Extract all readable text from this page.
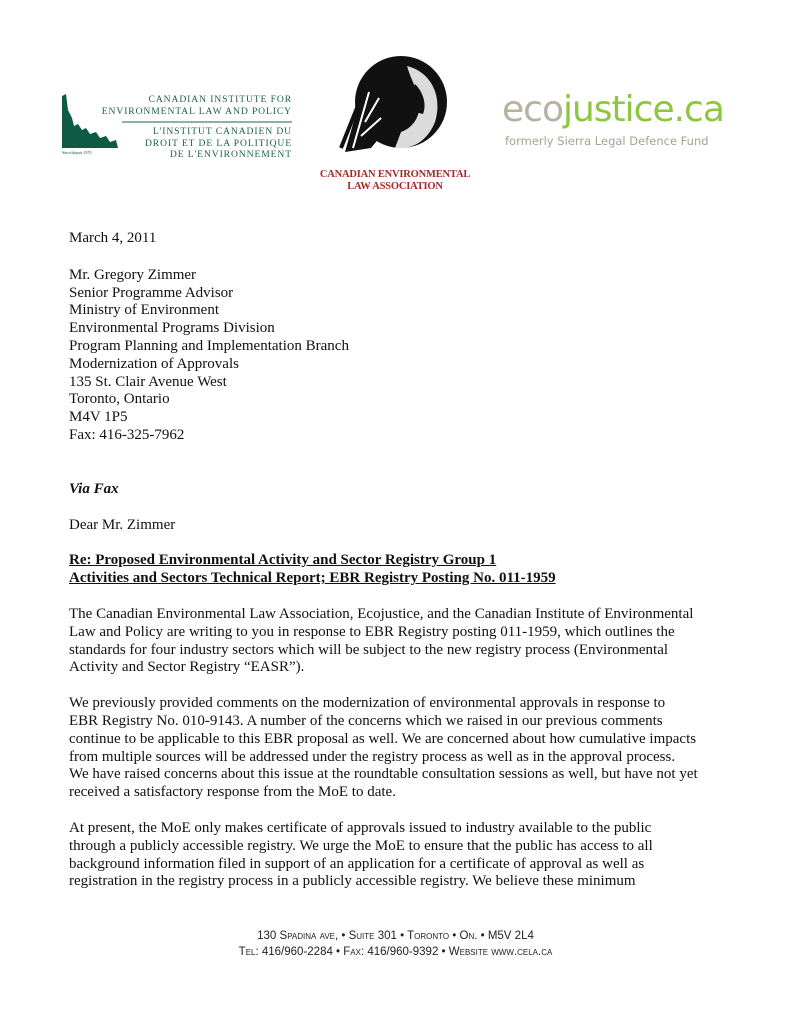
Since/depuis 1970
CANADIAN INSTITUTE FOR
ENVIRONMENTAL LAW AND POLICY
L'INSTITUT CANADIEN DU
DROIT ET DE LA POLITIQUE
DE L'ENVIRONNEMENT
CANADIAN ENVIRONMENTAL
LAW ASSOCIATION
ecojustice.ca
formerly Sierra Legal Defence Fund
March 4, 2011
Mr. Gregory Zimmer
Senior Programme Advisor
Ministry of Environment
Environmental Programs Division
Program Planning and Implementation Branch
Modernization of Approvals
135 St. Clair Avenue West
Toronto, Ontario
M4V 1P5
Fax: 416-325-7962
Via Fax
Dear Mr. Zimmer
Re: Proposed Environmental Activity and Sector Registry Group 1
Activities and Sectors Technical Report; EBR Registry Posting No. 011-1959
The Canadian Environmental Law Association, Ecojustice, and the Canadian Institute of Environmental
Law and Policy are writing to you in response to EBR Registry posting 011-1959, which outlines the
standards for four industry sectors which will be subject to the new registry process (Environmental
Activity and Sector Registry “EASR”).
We previously provided comments on the modernization of environmental approvals in response to
EBR Registry No. 010-9143. A number of the concerns which we raised in our previous comments
continue to be applicable to this EBR proposal as well. We are concerned about how cumulative impacts
from multiple sources will be addressed under the registry process as well as in the approval process.
We have raised concerns about this issue at the roundtable consultation sessions as well, but have not yet
received a satisfactory response from the MoE to date.
At present, the MoE only makes certificate of approvals issued to industry available to the public
through a publicly accessible registry. We urge the MoE to ensure that the public has access to all
background information filed in support of an application for a certificate of approval as well as
registration in the registry process in a publicly accessible registry. We believe these minimum
130 Spadina ave, • Suite 301 • Toronto • On. • M5V 2L4
Tel: 416/960-2284 • Fax: 416/960-9392 • Website www.cela.ca
